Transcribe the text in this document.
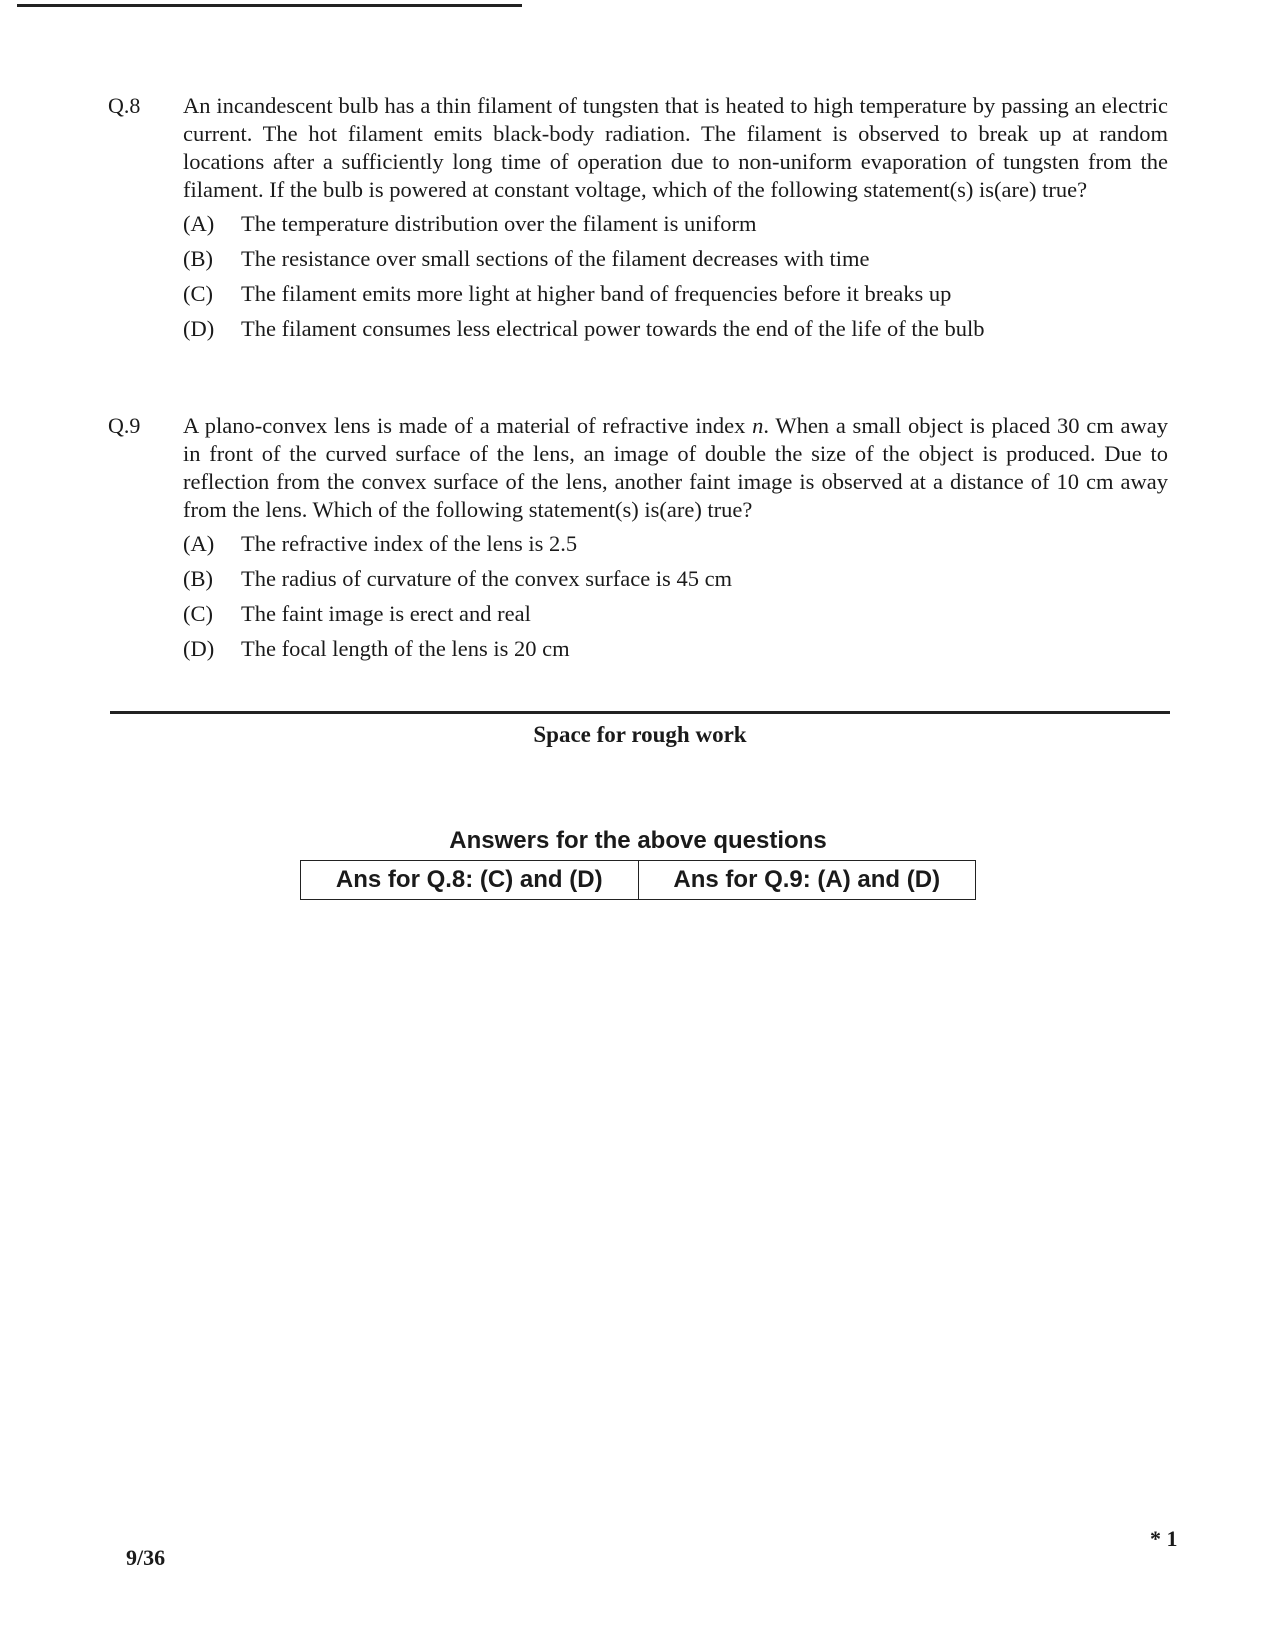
Q.8 An incandescent bulb has a thin filament of tungsten that is heated to high temperature by passing an electric current. The hot filament emits black-body radiation. The filament is observed to break up at random locations after a sufficiently long time of operation due to non-uniform evaporation of tungsten from the filament. If the bulb is powered at constant voltage, which of the following statement(s) is(are) true?
(A)	The temperature distribution over the filament is uniform
(B)	The resistance over small sections of the filament decreases with time
(C)	The filament emits more light at higher band of frequencies before it breaks up
(D)	The filament consumes less electrical power towards the end of the life of the bulb
Q.9 A plano-convex lens is made of a material of refractive index n. When a small object is placed 30 cm away in front of the curved surface of the lens, an image of double the size of the object is produced. Due to reflection from the convex surface of the lens, another faint image is observed at a distance of 10 cm away from the lens. Which of the following statement(s) is(are) true?
(A)	The refractive index of the lens is 2.5
(B)	The radius of curvature of the convex surface is 45 cm
(C)	The faint image is erect and real
(D)	The focal length of the lens is 20 cm
Space for rough work
Answers for the above questions
Ans for Q.8: (C) and (D)	Ans for Q.9: (A) and (D)
9/36
* 1
